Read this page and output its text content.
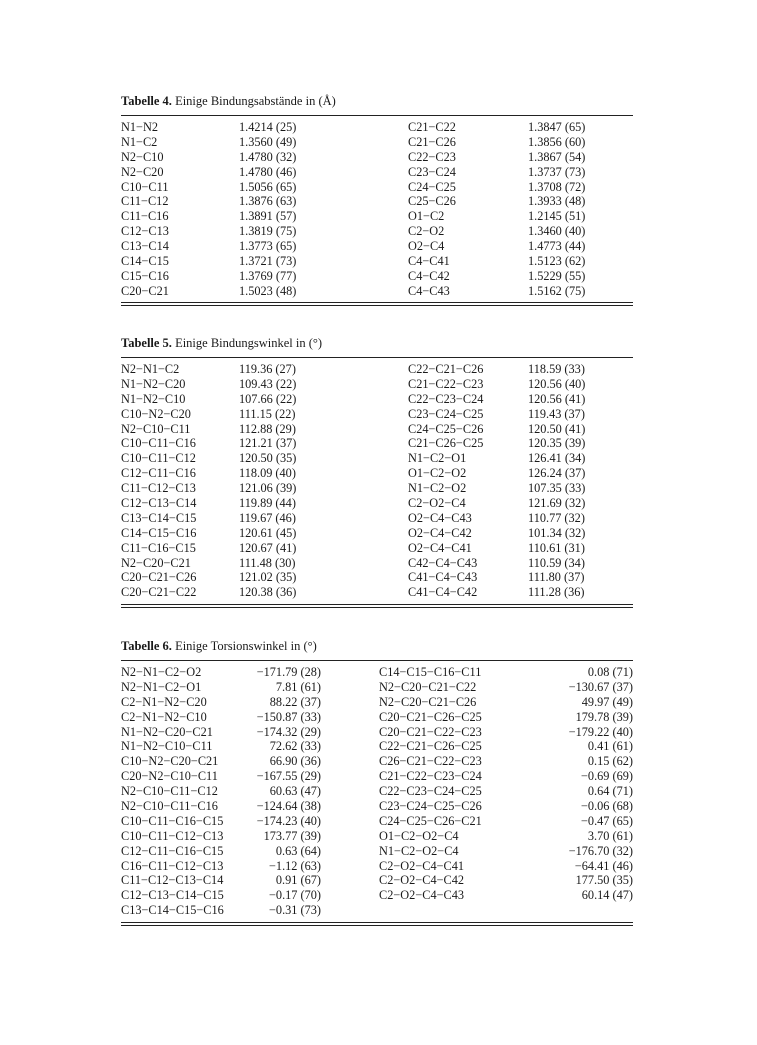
Tabelle 4. Einige Bindungsabstände in (Å)

N1−N2	1.4214 (25)	C21−C22	1.3847 (65)
N1−C2	1.3560 (49)	C21−C26	1.3856 (60)
N2−C10	1.4780 (32)	C22−C23	1.3867 (54)
N2−C20	1.4780 (46)	C23−C24	1.3737 (73)
C10−C11	1.5056 (65)	C24−C25	1.3708 (72)
C11−C12	1.3876 (63)	C25−C26	1.3933 (48)
C11−C16	1.3891 (57)	O1−C2	1.2145 (51)
C12−C13	1.3819 (75)	C2−O2	1.3460 (40)
C13−C14	1.3773 (65)	O2−C4	1.4773 (44)
C14−C15	1.3721 (73)	C4−C41	1.5123 (62)
C15−C16	1.3769 (77)	C4−C42	1.5229 (55)
C20−C21	1.5023 (48)	C4−C43	1.5162 (75)

Tabelle 5. Einige Bindungswinkel in (°)

N2−N1−C2	119.36 (27)	C22−C21−C26	118.59 (33)
N1−N2−C20	109.43 (22)	C21−C22−C23	120.56 (40)
N1−N2−C10	107.66 (22)	C22−C23−C24	120.56 (41)
C10−N2−C20	111.15 (22)	C23−C24−C25	119.43 (37)
N2−C10−C11	112.88 (29)	C24−C25−C26	120.50 (41)
C10−C11−C16	121.21 (37)	C21−C26−C25	120.35 (39)
C10−C11−C12	120.50 (35)	N1−C2−O1	126.41 (34)
C12−C11−C16	118.09 (40)	O1−C2−O2	126.24 (37)
C11−C12−C13	121.06 (39)	N1−C2−O2	107.35 (33)
C12−C13−C14	119.89 (44)	C2−O2−C4	121.69 (32)
C13−C14−C15	119.67 (46)	O2−C4−C43	110.77 (32)
C14−C15−C16	120.61 (45)	O2−C4−C42	101.34 (32)
C11−C16−C15	120.67 (41)	O2−C4−C41	110.61 (31)
N2−C20−C21	111.48 (30)	C42−C4−C43	110.59 (34)
C20−C21−C26	121.02 (35)	C41−C4−C43	111.80 (37)
C20−C21−C22	120.38 (36)	C41−C4−C42	111.28 (36)

Tabelle 6. Einige Torsionswinkel in (°)

N2−N1−C2−O2	−171.79 (28)	C14−C15−C16−C11	0.08 (71)
N2−N1−C2−O1	7.81 (61)	N2−C20−C21−C22	−130.67 (37)
C2−N1−N2−C20	88.22 (37)	N2−C20−C21−C26	49.97 (49)
C2−N1−N2−C10	−150.87 (33)	C20−C21−C26−C25	179.78 (39)
N1−N2−C20−C21	−174.32 (29)	C20−C21−C22−C23	−179.22 (40)
N1−N2−C10−C11	72.62 (33)	C22−C21−C26−C25	0.41 (61)
C10−N2−C20−C21	66.90 (36)	C26−C21−C22−C23	0.15 (62)
C20−N2−C10−C11	−167.55 (29)	C21−C22−C23−C24	−0.69 (69)
N2−C10−C11−C12	60.63 (47)	C22−C23−C24−C25	0.64 (71)
N2−C10−C11−C16	−124.64 (38)	C23−C24−C25−C26	−0.06 (68)
C10−C11−C16−C15	−174.23 (40)	C24−C25−C26−C21	−0.47 (65)
C10−C11−C12−C13	173.77 (39)	O1−C2−O2−C4	3.70 (61)
C12−C11−C16−C15	0.63 (64)	N1−C2−O2−C4	−176.70 (32)
C16−C11−C12−C13	−1.12 (63)	C2−O2−C4−C41	−64.41 (46)
C11−C12−C13−C14	0.91 (67)	C2−O2−C4−C42	177.50 (35)
C12−C13−C14−C15	−0.17 (70)	C2−O2−C4−C43	60.14 (47)
C13−C14−C15−C16	−0.31 (73)
